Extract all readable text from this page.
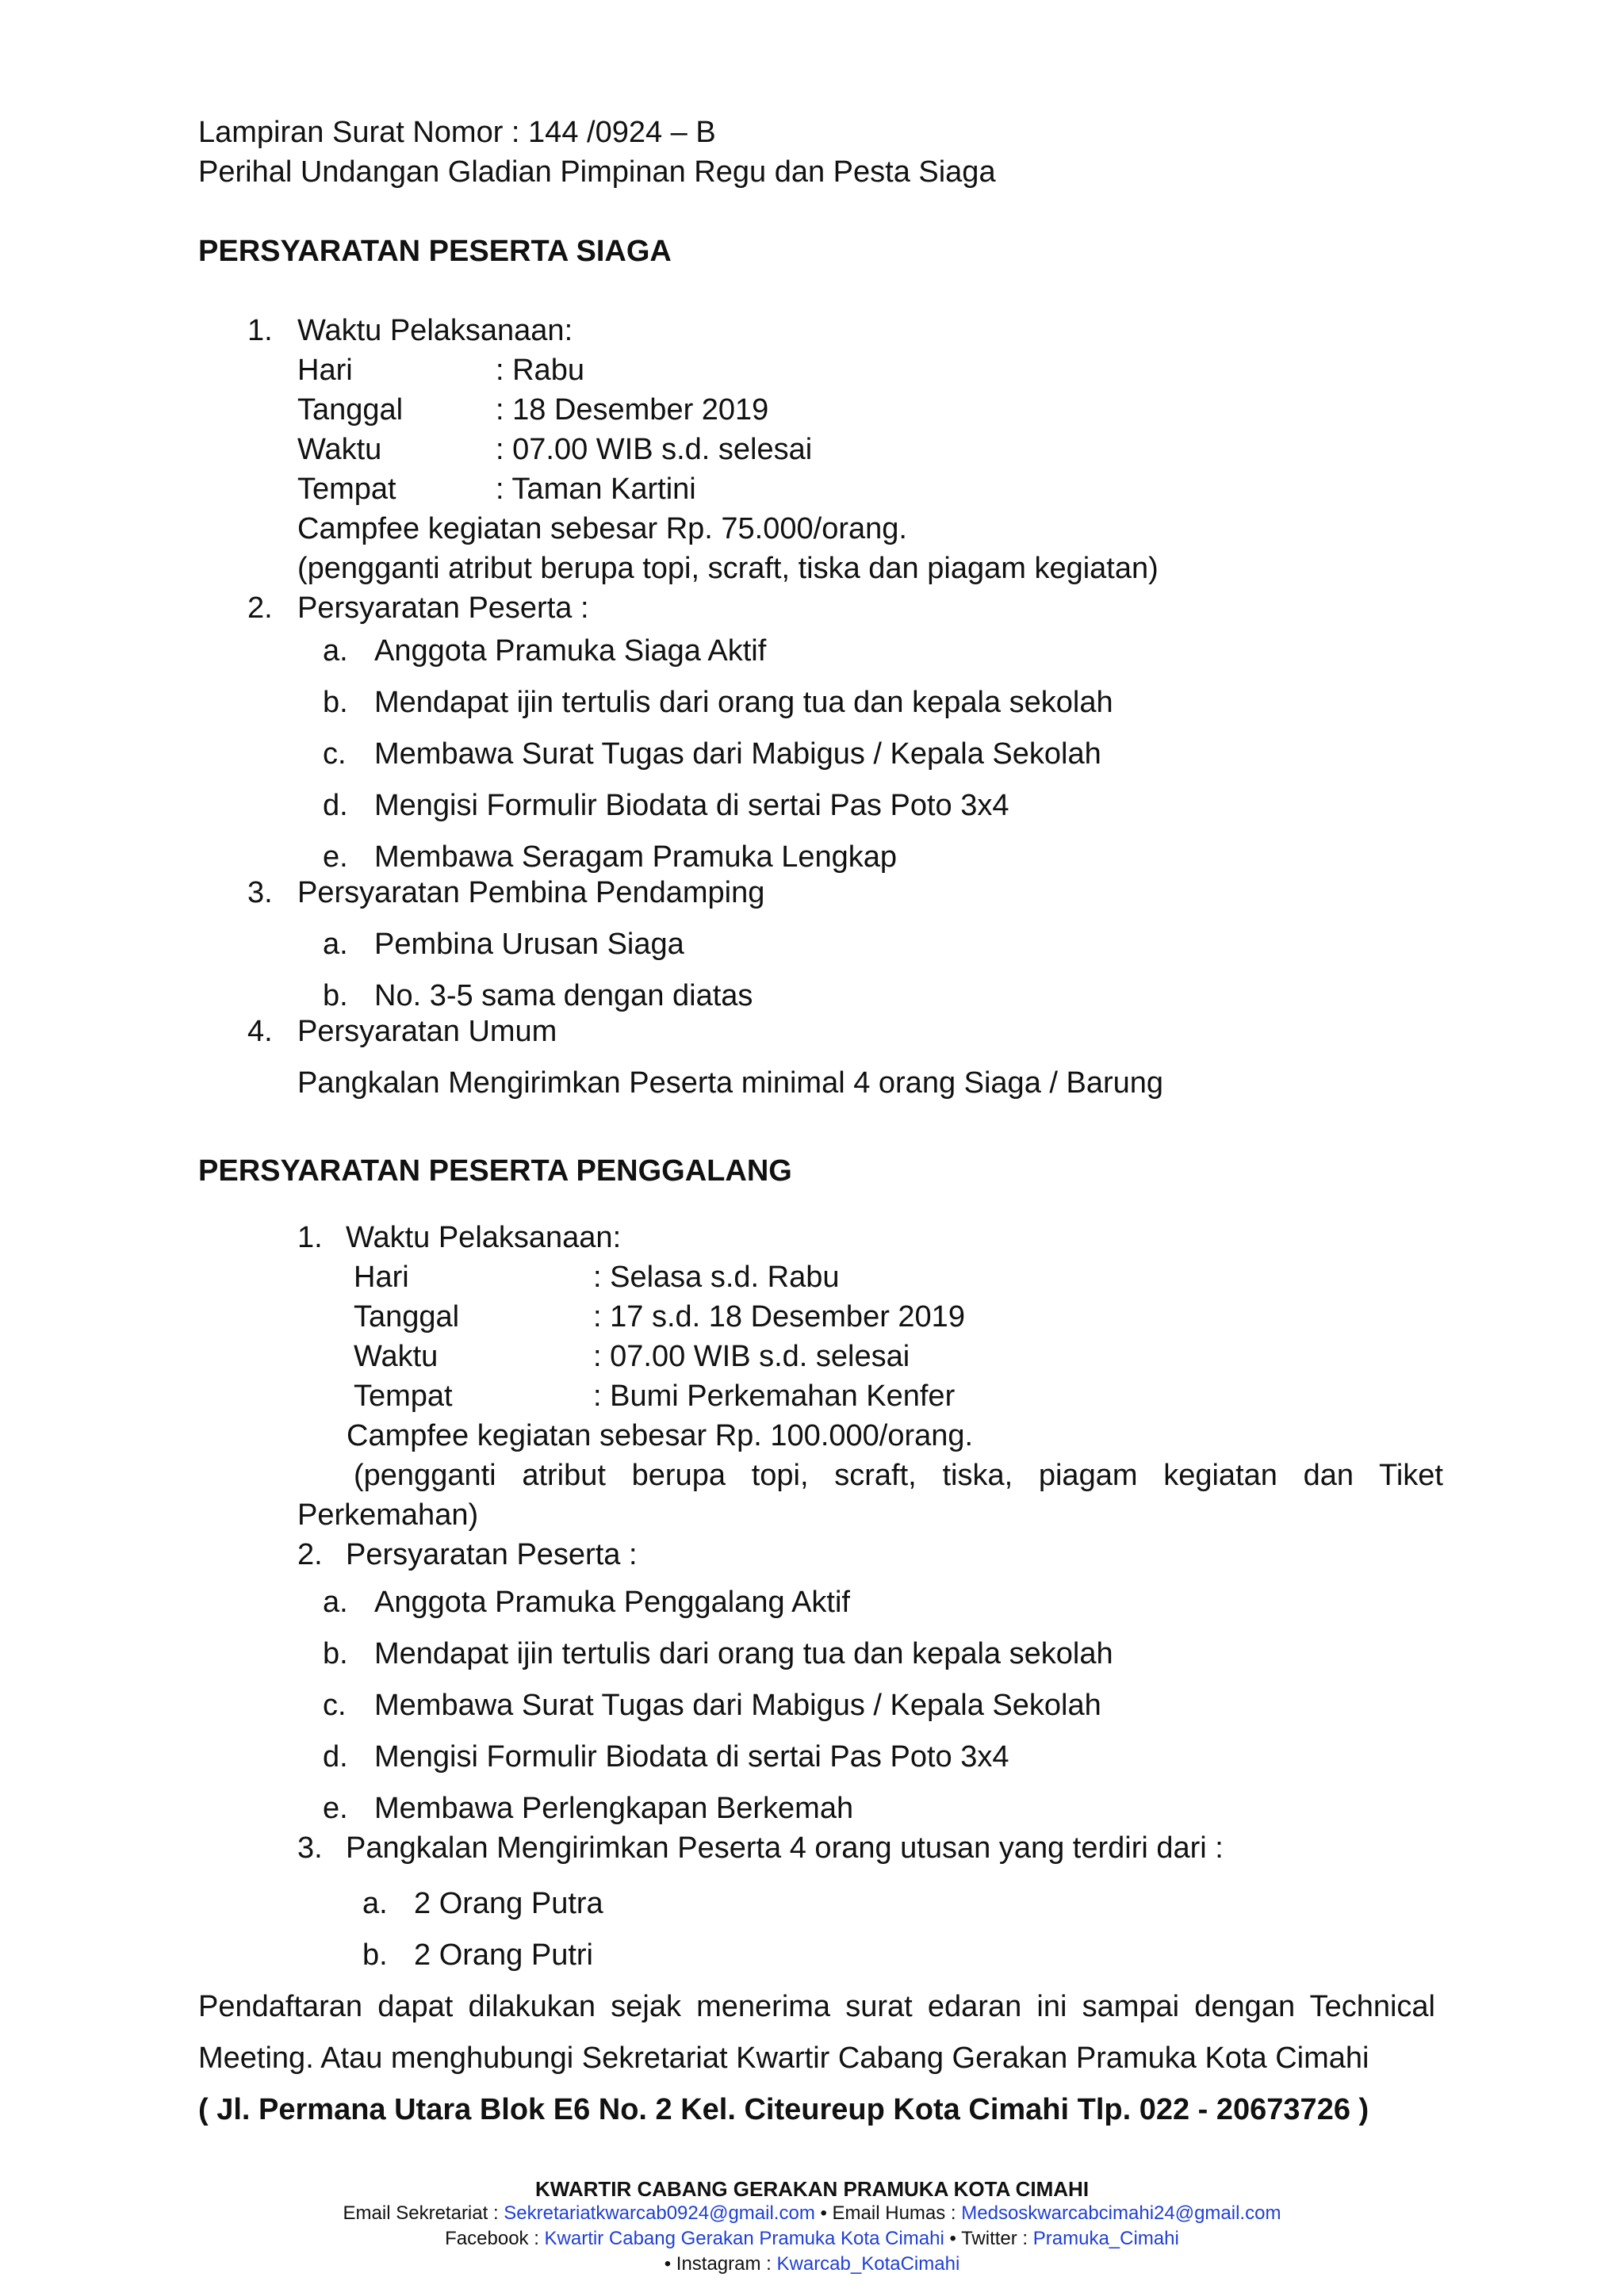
Lampiran Surat Nomor : 144 /0924 – B
Perihal Undangan Gladian Pimpinan Regu dan Pesta Siaga
PERSYARATAN PESERTA SIAGA
1. Waktu Pelaksanaan:
Hari	: Rabu
Tanggal	: 18 Desember 2019
Waktu	: 07.00 WIB s.d. selesai
Tempat	: Taman Kartini
Campfee kegiatan sebesar Rp. 75.000/orang.
(pengganti atribut berupa topi, scraft, tiska dan piagam kegiatan)
2. Persyaratan Peserta :
a. Anggota Pramuka Siaga Aktif
b. Mendapat ijin tertulis dari orang tua dan kepala sekolah
c. Membawa Surat Tugas dari Mabigus / Kepala Sekolah
d. Mengisi Formulir Biodata di sertai Pas Poto 3x4
e. Membawa Seragam Pramuka Lengkap
3. Persyaratan Pembina Pendamping
a. Pembina Urusan Siaga
b. No. 3-5 sama dengan diatas
4. Persyaratan Umum
Pangkalan Mengirimkan Peserta minimal 4 orang Siaga / Barung
PERSYARATAN PESERTA PENGGALANG
1. Waktu Pelaksanaan:
Hari	: Selasa s.d. Rabu
Tanggal	: 17 s.d. 18 Desember 2019
Waktu	: 07.00 WIB s.d. selesai
Tempat	: Bumi Perkemahan Kenfer
Campfee kegiatan sebesar Rp. 100.000/orang.
(pengganti atribut berupa topi, scraft, tiska, piagam kegiatan dan Tiket
Perkemahan)
2. Persyaratan Peserta :
a. Anggota Pramuka Penggalang Aktif
b. Mendapat ijin tertulis dari orang tua dan kepala sekolah
c. Membawa Surat Tugas dari Mabigus / Kepala Sekolah
d. Mengisi Formulir Biodata di sertai Pas Poto 3x4
e. Membawa Perlengkapan Berkemah
3. Pangkalan Mengirimkan Peserta 4 orang utusan yang terdiri dari :
a. 2 Orang Putra
b. 2 Orang Putri
Pendaftaran dapat dilakukan sejak menerima surat edaran ini sampai dengan Technical
Meeting. Atau menghubungi Sekretariat Kwartir Cabang Gerakan Pramuka Kota Cimahi
( Jl. Permana Utara Blok E6 No. 2 Kel. Citeureup Kota Cimahi Tlp. 022 - 20673726 )
KWARTIR CABANG GERAKAN PRAMUKA KOTA CIMAHI
Email Sekretariat : Sekretariatkwarcab0924@gmail.com • Email Humas : Medsoskwarcabcimahi24@gmail.com
Facebook : Kwartir Cabang Gerakan Pramuka Kota Cimahi • Twitter : Pramuka_Cimahi
• Instagram : Kwarcab_KotaCimahi
